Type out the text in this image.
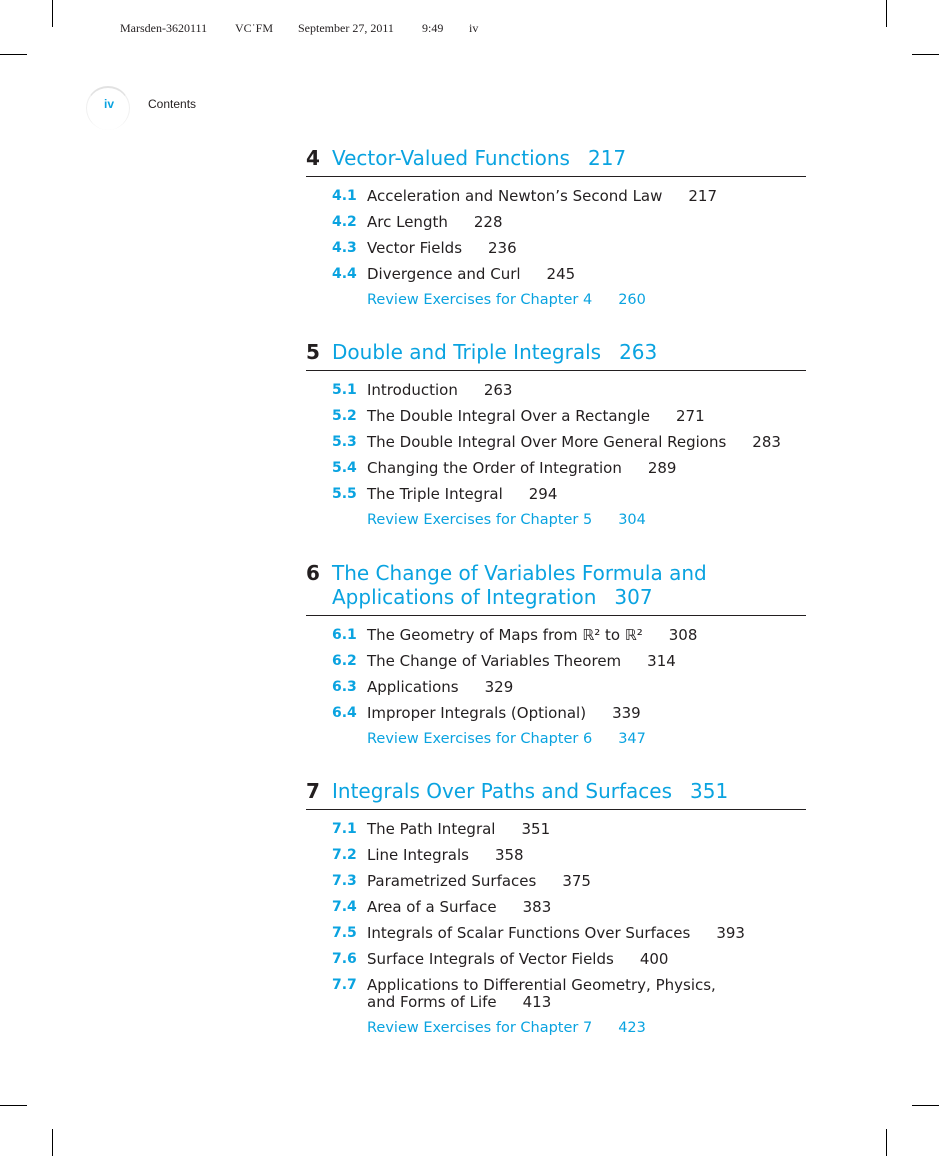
Marsden-3620111 VC˙FM September 27, 2011 9:49 iv
iv	Contents
4 Vector-Valued Functions 217
4.1 Acceleration and Newton’s Second Law 217
4.2 Arc Length 228
4.3 Vector Fields 236
4.4 Divergence and Curl 245
Review Exercises for Chapter 4 260
5 Double and Triple Integrals 263
5.1 Introduction 263
5.2 The Double Integral Over a Rectangle 271
5.3 The Double Integral Over More General Regions 283
5.4 Changing the Order of Integration 289
5.5 The Triple Integral 294
Review Exercises for Chapter 5 304
6 The Change of Variables Formula and
Applications of Integration 307
6.1 The Geometry of Maps from ℝ² to ℝ² 308
6.2 The Change of Variables Theorem 314
6.3 Applications 329
6.4 Improper Integrals (Optional) 339
Review Exercises for Chapter 6 347
7 Integrals Over Paths and Surfaces 351
7.1 The Path Integral 351
7.2 Line Integrals 358
7.3 Parametrized Surfaces 375
7.4 Area of a Surface 383
7.5 Integrals of Scalar Functions Over Surfaces 393
7.6 Surface Integrals of Vector Fields 400
7.7 Applications to Differential Geometry, Physics,
and Forms of Life 413
Review Exercises for Chapter 7 423
